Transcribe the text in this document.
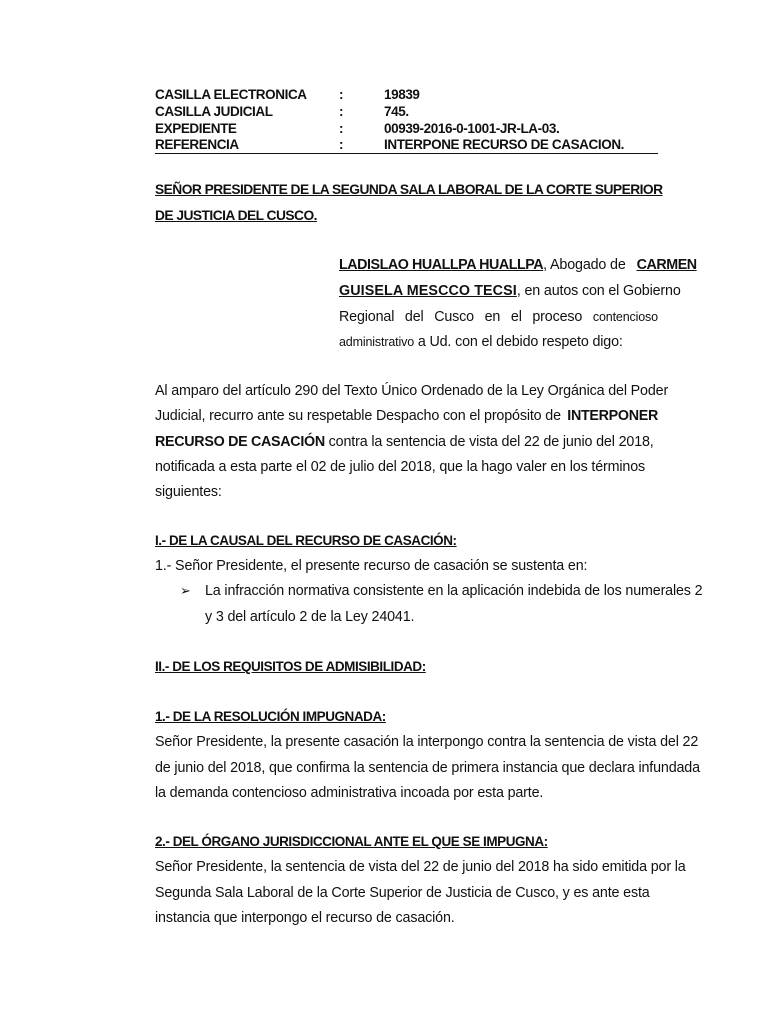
CASILLA ELECTRONICA :	19839
CASILLA JUDICIAL	:	745.
EXPEDIENTE	:	00939-2016-0-1001-JR-LA-03.
REFERENCIA	:	INTERPONE RECURSO DE CASACION.
SEÑOR PRESIDENTE DE LA SEGUNDA SALA LABORAL DE LA CORTE SUPERIOR
DE JUSTICIA DEL CUSCO.
LADISLAO HUALLPA HUALLPA, Abogado de CARMEN
GUISELA MESCCO TECSI, en autos con el Gobierno
Regional del Cusco en el proceso contencioso
administrativo a Ud. con el debido respeto digo:
Al amparo del artículo 290 del Texto Único Ordenado de la Ley Orgánica del Poder
Judicial, recurro ante su respetable Despacho con el propósito de INTERPONER
RECURSO DE CASACIÓN contra la sentencia de vista del 22 de junio del 2018,
notificada a esta parte el 02 de julio del 2018, que la hago valer en los términos
siguientes:
I.- DE LA CAUSAL DEL RECURSO DE CASACIÓN:
1.- Señor Presidente, el presente recurso de casación se sustenta en:
➢ La infracción normativa consistente en la aplicación indebida de los numerales 2
y 3 del artículo 2 de la Ley 24041.
II.- DE LOS REQUISITOS DE ADMISIBILIDAD:
1.- DE LA RESOLUCIÓN IMPUGNADA:
Señor Presidente, la presente casación la interpongo contra la sentencia de vista del 22
de junio del 2018, que confirma la sentencia de primera instancia que declara infundada
la demanda contencioso administrativa incoada por esta parte.
2.- DEL ÓRGANO JURISDICCIONAL ANTE EL QUE SE IMPUGNA:
Señor Presidente, la sentencia de vista del 22 de junio del 2018 ha sido emitida por la
Segunda Sala Laboral de la Corte Superior de Justicia de Cusco, y es ante esta
instancia que interpongo el recurso de casación.
